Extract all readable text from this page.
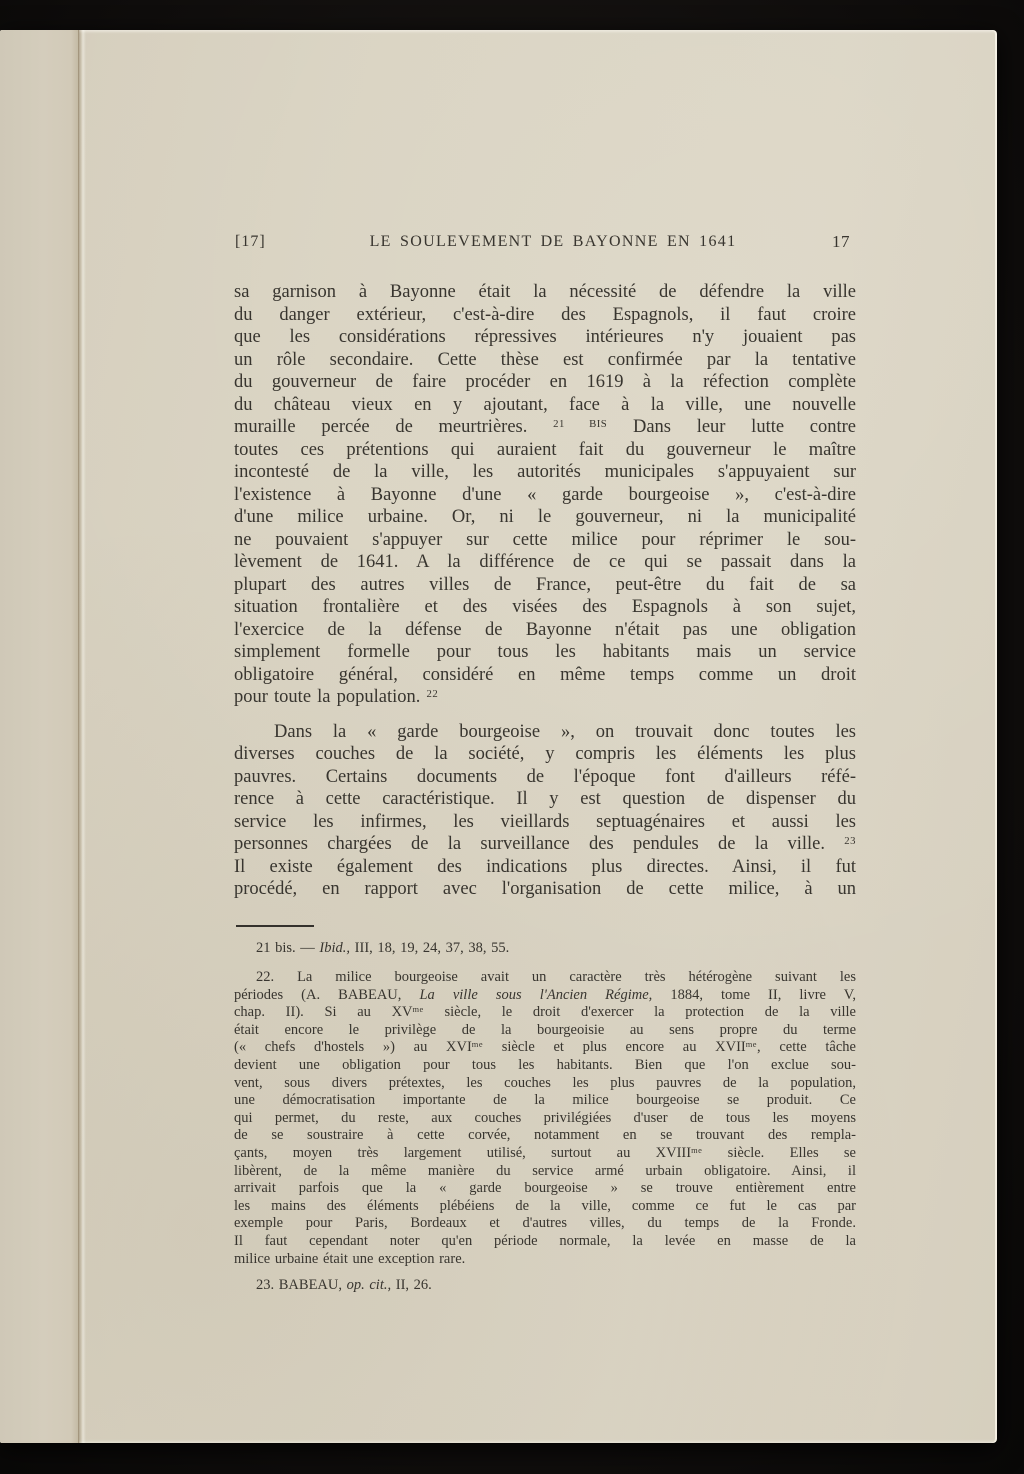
[17]	LE SOULEVEMENT DE BAYONNE EN 1641	17
sa garnison à Bayonne était la nécessité de défendre la ville
du danger extérieur, c'est-à-dire des Espagnols, il faut croire
que les considérations répressives intérieures n'y jouaient pas
un rôle secondaire. Cette thèse est confirmée par la tentative
du gouverneur de faire procéder en 1619 à la réfection complète
du château vieux en y ajoutant, face à la ville, une nouvelle
muraille percée de meurtrières. $^{21 BIS}$ Dans leur lutte contre
toutes ces prétentions qui auraient fait du gouverneur le maître
incontesté de la ville, les autorités municipales s'appuyaient sur
l'existence à Bayonne d'une « garde bourgeoise », c'est-à-dire
d'une milice urbaine. Or, ni le gouverneur, ni la municipalité
ne pouvaient s'appuyer sur cette milice pour réprimer le sou-
lèvement de 1641. A la différence de ce qui se passait dans la
plupart des autres villes de France, peut-être du fait de sa
situation frontalière et des visées des Espagnols à son sujet,
l'exercice de la défense de Bayonne n'était pas une obligation
simplement formelle pour tous les habitants mais un service
obligatoire général, considéré en même temps comme un droit
pour toute la population. $^{22}$
Dans la « garde bourgeoise », on trouvait donc toutes les
diverses couches de la société, y compris les éléments les plus
pauvres. Certains documents de l'époque font d'ailleurs réfé-
rence à cette caractéristique. Il y est question de dispenser du
service les infirmes, les vieillards septuagénaires et aussi les
personnes chargées de la surveillance des pendules de la ville. $^{23}$
Il existe également des indications plus directes. Ainsi, il fut
procédé, en rapport avec l'organisation de cette milice, à un
21 bis. — Ibid., III, 18, 19, 24, 37, 38, 55.
22. La milice bourgeoise avait un caractère très hétérogène suivant les
périodes (A. BABEAU, La ville sous l'Ancien Régime, 1884, tome II, livre V,
chap. II). Si au $XV^{me}$ siècle, le droit d'exercer la protection de la ville
était encore le privilège de la bourgeoisie au sens propre du terme
(« chefs d'hostels ») au $XVI^{me}$ siècle et plus encore au $XVII^{me}$, cette tâche
devient une obligation pour tous les habitants. Bien que l'on exclue sou-
vent, sous divers prétextes, les couches les plus pauvres de la population,
une démocratisation importante de la milice bourgeoise se produit. Ce
qui permet, du reste, aux couches privilégiées d'user de tous les moyens
de se soustraire à cette corvée, notamment en se trouvant des rempla-
çants, moyen très largement utilisé, surtout au $XVIII^{me}$ siècle. Elles se
libèrent, de la même manière du service armé urbain obligatoire. Ainsi, il
arrivait parfois que la « garde bourgeoise » se trouve entièrement entre
les mains des éléments plébéiens de la ville, comme ce fut le cas par
exemple pour Paris, Bordeaux et d'autres villes, du temps de la Fronde.
Il faut cependant noter qu'en période normale, la levée en masse de la
milice urbaine était une exception rare.
23. BABEAU, op. cit., II, 26.
